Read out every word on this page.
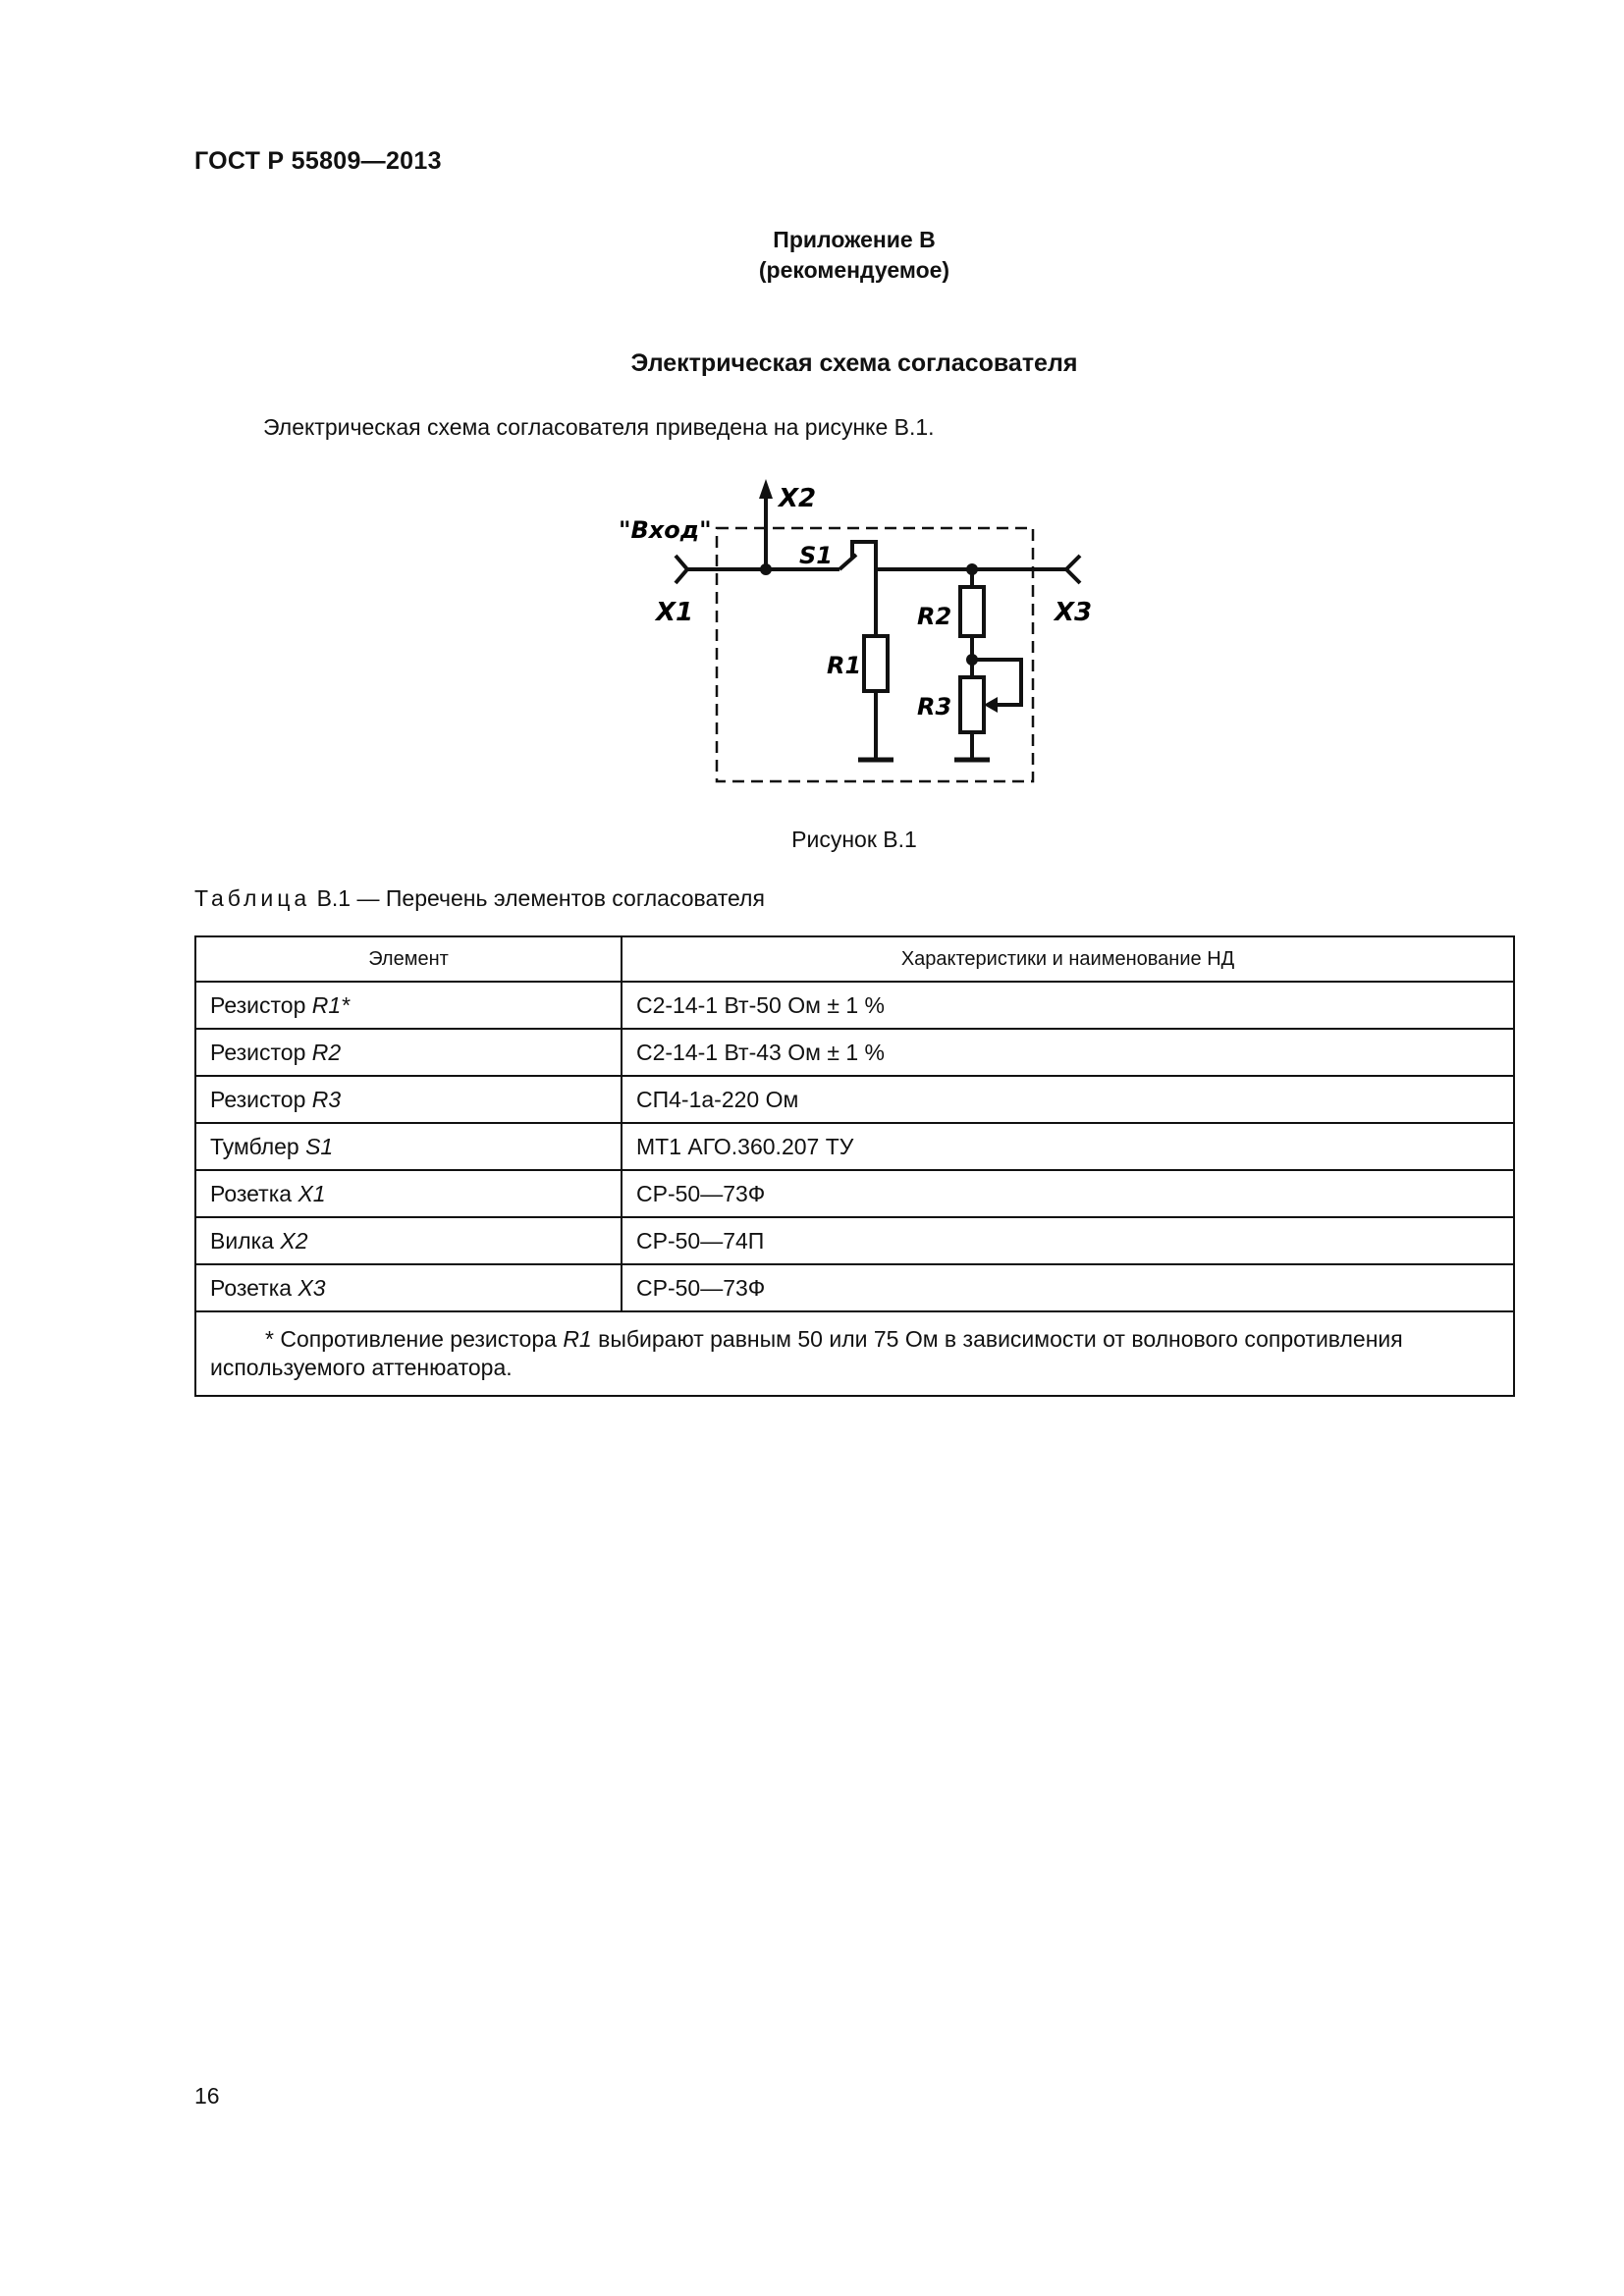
ГОСТ Р 55809—2013
Приложение В
(рекомендуемое)
Электрическая схема согласователя
Электрическая схема согласователя приведена на рисунке В.1.
"Вход"
X1
X2
X3
S1
R1
R2
R3
Рисунок В.1
Таблица В.1 — Перечень элементов согласователя
Элемент	Характеристики и наименование НД
Резистор R1*	С2-14-1 Вт-50 Ом ± 1 %
Резистор R2	С2-14-1 Вт-43 Ом ± 1 %
Резистор R3	СП4-1а-220 Ом
Тумблер S1	МТ1 АГО.360.207 ТУ
Розетка X1	СР-50—73Ф
Вилка X2	СР-50—74П
Розетка X3	СР-50—73Ф
* Сопротивление резистора R1 выбирают равным 50 или 75 Ом в зависимости от волнового сопротивления используемого аттенюатора.	
16
